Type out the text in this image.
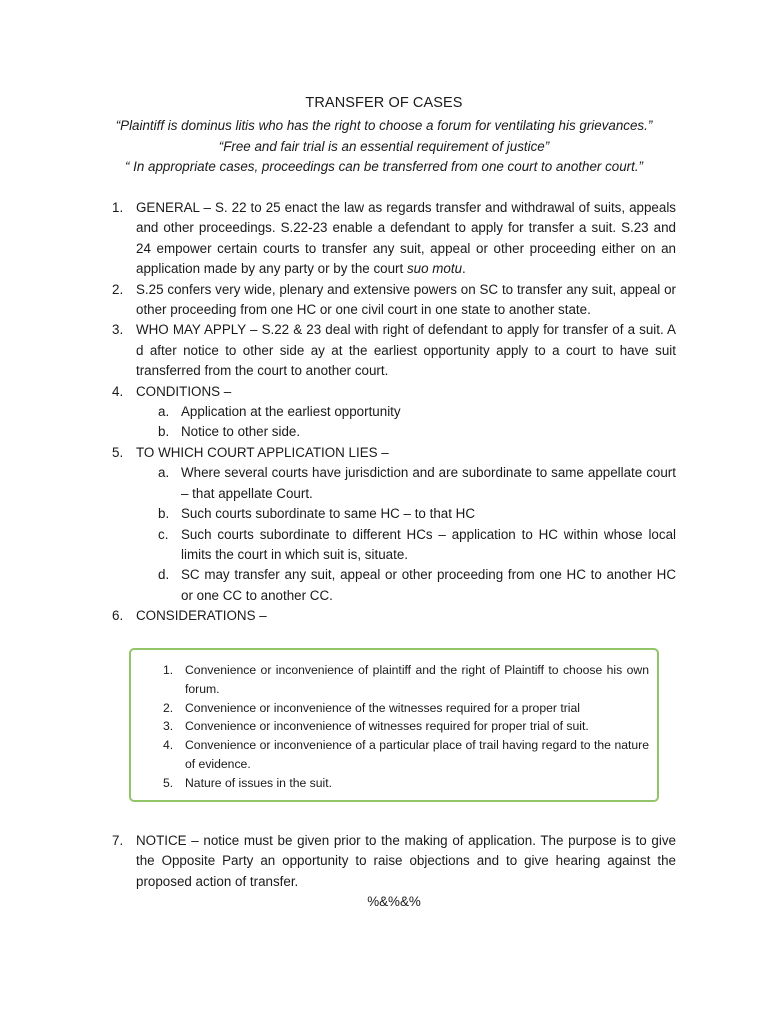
TRANSFER OF CASES
“Plaintiff is dominus litis who has the right to choose a forum for ventilating his grievances.”
“Free and fair trial is an essential requirement of justice”
“ In appropriate cases, proceedings can be transferred from one court to another court.”
1. GENERAL – S. 22 to 25 enact the law as regards transfer and withdrawal of suits, appeals and other proceedings. S.22-23 enable a defendant to apply for transfer a suit. S.23 and 24 empower certain courts to transfer any suit, appeal or other proceeding either on an application made by any party or by the court suo motu.
2. S.25 confers very wide, plenary and extensive powers on SC to transfer any suit, appeal or other proceeding from one HC or one civil court in one state to another state.
3. WHO MAY APPLY – S.22 & 23 deal with right of defendant to apply for transfer of a suit. A d after notice to other side ay at the earliest opportunity apply to a court to have suit transferred from the court to another court.
4. CONDITIONS –
a. Application at the earliest opportunity
b. Notice to other side.
5. TO WHICH COURT APPLICATION LIES –
a. Where several courts have jurisdiction and are subordinate to same appellate court – that appellate Court.
b. Such courts subordinate to same HC – to that HC
c. Such courts subordinate to different HCs – application to HC within whose local limits the court in which suit is, situate.
d. SC may transfer any suit, appeal or other proceeding from one HC to another HC or one CC to another CC.
6. CONSIDERATIONS –
1. Convenience or inconvenience of plaintiff and the right of Plaintiff to choose his own forum.
2. Convenience or inconvenience of the witnesses required for a proper trial
3. Convenience or inconvenience of witnesses required for proper trial of suit.
4. Convenience or inconvenience of a particular place of trail having regard to the nature of evidence.
5. Nature of issues in the suit.
7. NOTICE – notice must be given prior to the making of application. The purpose is to give the Opposite Party an opportunity to raise objections and to give hearing against the proposed action of transfer.
%&%&%
